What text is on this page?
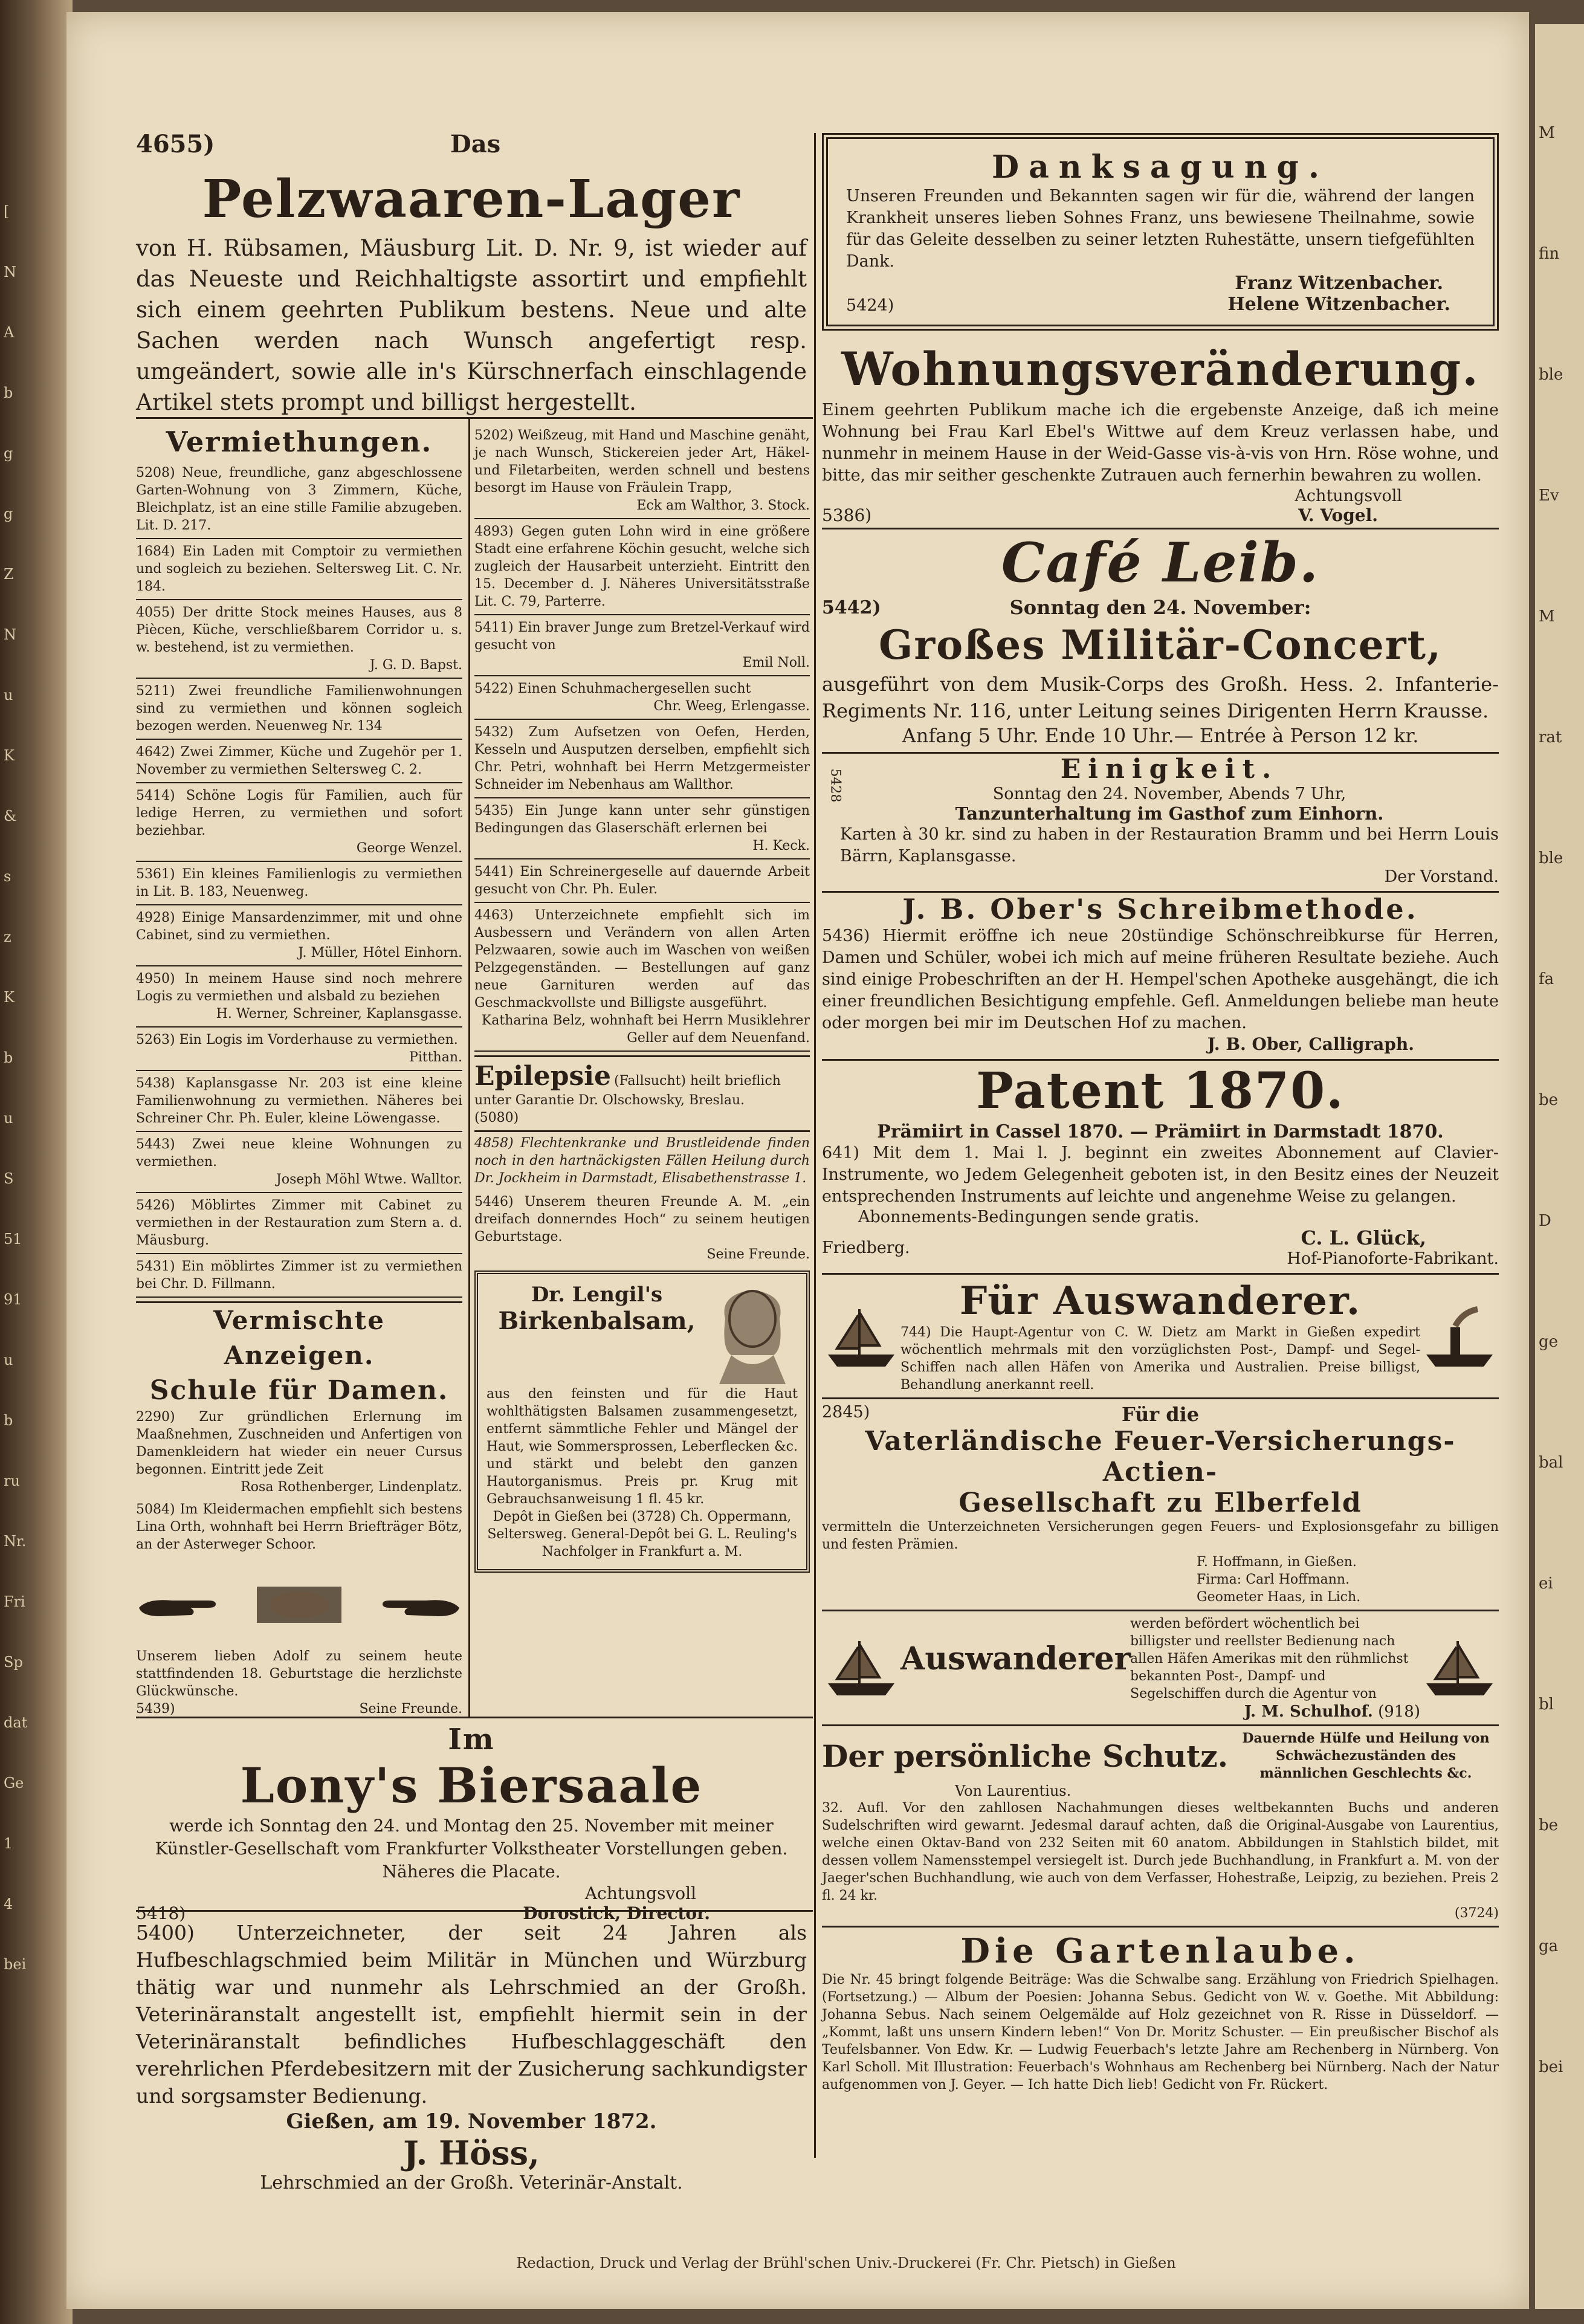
M
fin
ble
Ev
M
rat
ble
fa
be
D
ge
bal
ei
bl
be
ga
bei
4655)	Das
Pelzwaaren-Lager

von H. Rübsamen, Mäusburg Lit. D. Nr. 9, ist wieder auf das Neueste und Reichhaltigste assortirt und empfiehlt sich einem geehrten Publikum bestens. Neue und alte Sachen werden nach Wunsch angefertigt resp. umgeändert, sowie alle in's Kürschnerfach einschlagende Artikel stets prompt und billigst hergestellt.

Vermiethungen.

5208) Neue, freundliche, ganz abgeschlossene Garten-Wohnung von 3 Zimmern, Küche, Bleichplatz, ist an eine stille Familie abzugeben. Lit. D. 217.

1684) Ein Laden mit Comptoir zu vermiethen und sogleich zu beziehen. Seltersweg Lit. C. Nr. 184.

4055) Der dritte Stock meines Hauses, aus 8 Piècen, Küche, verschließbarem Corridor u. s. w. bestehend, ist zu vermiethen.

J. G. D. Bapst.

5211) Zwei freundliche Familienwohnungen sind zu vermiethen und können sogleich bezogen werden. Neuenweg Nr. 134

4642) Zwei Zimmer, Küche und Zugehör per 1. November zu vermiethen Selterswеg C. 2.

5414) Schöne Logis für Familien, auch für ledige Herren, zu vermiethen und sofort beziehbar.

George Wenzel.

5361) Ein kleines Familienlogis zu vermiethen in Lit. B. 183, Neuenweg.

4928) Einige Mansardenzimmer, mit und ohne Cabinet, sind zu vermiethen.

J. Müller, Hôtel Einhorn.

4950) In meinem Hause sind noch mehrere Logis zu vermiethen und alsbald zu beziehen

H. Werner, Schreiner, Kaplansgasse.

5263) Ein Logis im Vorderhause zu vermiethen.

Pitthan.

5438) Kaplansgasse Nr. 203 ist eine kleine Familienwohnung zu vermiethen. Näheres bei Schreiner Chr. Ph. Euler, kleine Löwengasse.

5443) Zwei neue kleine Wohnungen zu vermiethen.

Joseph Möhl Wtwe. Walltor.

5426) Möblirtes Zimmer mit Cabinet zu vermiethen in der Restauration zum Stern a. d. Mäusburg.

5431) Ein möblirtes Zimmer ist zu vermiethen bei Chr. D. Fillmann.

Vermischte Anzeigen.
Schule für Damen.

2290) Zur gründlichen Erlernung im Maaßnehmen, Zuschneiden und Anfertigen von Damenkleidern hat wieder ein neuer Cursus begonnen. Eintritt jede Zeit

Rosa Rothenberger, Lindenplatz.

5084) Im Kleidermachen empfiehlt sich bestens Lina Orth, wohnhaft bei Herrn Briefträger Bötz, an der Asterweger Schoor.

Unserem lieben Adolf zu seinem heute stattfindenden 18. Geburtstage die herzlichste Glückwünsche.

5439)	Seine Freunde.

5202) Weißzeug, mit Hand und Maschine genäht, je nach Wunsch, Stickereien jeder Art, Häkel- und Filetarbeiten, werden schnell und bestens besorgt im Hause von Fräulein Trapp,

Eck am Walthor, 3. Stock.

4893) Gegen guten Lohn wird in eine größere Stadt eine erfahrene Köchin gesucht, welche sich zugleich der Hausarbeit unterzieht. Eintritt den 15. December d. J. Näheres Universitätsstraße Lit. C. 79, Parterre.

5411) Ein braver Junge zum Bretzel-Verkauf wird gesucht von

Emil Noll.

5422) Einen Schuhmachergesellen sucht

Chr. Weeg, Erlengasse.

5432) Zum Aufsetzen von Oefen, Herden, Kesseln und Ausputzen derselben, empfiehlt sich Chr. Petri, wohnhaft bei Herrn Metzgermeister Schneider im Nebenhaus am Wallthor.

5435) Ein Junge kann unter sehr günstigen Bedingungen das Glaserschäft erlernen bei

H. Keck.

5441) Ein Schreinergeselle auf dauernde Arbeit gesucht von Chr. Ph. Euler.

4463) Unterzeichnete empfiehlt sich im Ausbessern und Verändern von allen Arten Pelzwaaren, sowie auch im Waschen von weißen Pelzgegenständen. — Bestellungen auf ganz neue Garnituren werden auf das Geschmackvollste und Billigste ausgeführt.

Katharina Belz, wohnhaft bei Herrn Musiklehrer Geller auf dem Neuenfand.

Epilepsie (Fallsucht) heilt brieflich unter Garantie Dr. Olschowsky, Breslau.
(5080)

4858) Flechtenkranke und Brustleidende finden noch in den hartnäckigsten Fällen Heilung durch Dr. Jockheim in Darmstadt, Elisabethenstrasse 1.

5446) Unserem theuren Freunde A. M. „ein dreifach donnerndes Hoch“ zu seinem heutigen Geburtstage.

Seine Freunde.

Dr. Lengil's
Birkenbalsam,

aus den feinsten und für die Haut wohlthätigsten Balsamen zusammengesetzt, entfernt sämmtliche Fehler und Mängel der Haut, wie Sommersprossen, Leberflecken &c. und stärkt und belebt den ganzen Hautorganismus. Preis pr. Krug mit Gebrauchsanweisung 1 fl. 45 kr.

Depôt in Gießen bei (3728) Ch. Oppermann, Seltersweg. General-Depôt bei G. L. Reuling's Nachfolger in Frankfurt a. M.

Im
Lony's Biersaale

werde ich Sonntag den 24. und Montag den 25. November mit meiner Künstler-Gesellschaft vom Frankfurter Volkstheater Vorstellungen geben. Näheres die Placate.

Achtungsvoll
5418)	Dorostick, Director.

5400) Unterzeichneter, der seit 24 Jahren als Hufbeschlagschmied beim Militär in München und Würzburg thätig war und nunmehr als Lehrschmied an der Großh. Veterinäranstalt angestellt ist, empfiehlt hiermit sein in der Veterinäranstalt befindliches Hufbeschlaggeschäft den verehrlichen Pferdebesitzern mit der Zusicherung sachkundigster und sorgsamster Bedienung.

Gießen, am 19. November 1872.
J. Höss,
Lehrschmied an der Großh. Veterinär-Anstalt.
Danksagung.

Unseren Freunden und Bekannten sagen wir für die, während der langen Krankheit unseres lieben Sohnes Franz, uns bewiesene Theilnahme, sowie für das Geleite desselben zu seiner letzten Ruhestätte, unsern tiefgefühlten Dank.

5424)
Franz Witzenbacher.
Helene Witzenbacher.
Wohnungsveränderung.

Einem geehrten Publikum mache ich die ergebenste Anzeige, daß ich meine Wohnung bei Frau Karl Ebel's Wittwe auf dem Kreuz verlassen habe, und nunmehr in meinem Hause in der Weid-Gasse vis-à-vis von Hrn. Röse wohne, und bitte, das mir seither geschenkte Zutrauen auch fernerhin bewahren zu wollen.

Achtungsvoll
5386)	V. Vogel.
Café Leib.
5442)	Sonntag den 24. November:
Großes Militär-Concert,

ausgeführt von dem Musik-Corps des Großh. Hess. 2. Infanterie-Regiments Nr. 116, unter Leitung seines Dirigenten Herrn Krausse.

Anfang 5 Uhr. Ende 10 Uhr.— Entrée à Person 12 kr.
5428	Einigkeit.
Sonntag den 24. November, Abends 7 Uhr,
Tanzunterhaltung im Gasthof zum Einhorn.

Karten à 30 kr. sind zu haben in der Restauration Bramm und bei Herrn Louis Bärrn, Kaplansgasse.

Der Vorstand.
J. B. Ober's Schreibmethode.

5436) Hiermit eröffne ich neue 20stündige Schönschreibkurse für Herren, Damen und Schüler, wobei ich mich auf meine früheren Resultate beziehe. Auch sind einige Probeschriften an der H. Hempel'schen Apotheke ausgehängt, die ich einer freundlichen Besichtigung empfehle. Gefl. Anmeldungen beliebe man heute oder morgen bei mir im Deutschen Hof zu machen.

J. B. Ober, Calligraph.
Patent 1870.
Prämiirt in Cassel 1870. — Prämiirt in Darmstadt 1870.

641) Mit dem 1. Mai l. J. beginnt ein zweites Abonnement auf Clavier-Instrumente, wo Jedem Gelegenheit geboten ist, in den Besitz eines der Neuzeit entsprechenden Instruments auf leichte und angenehme Weise zu gelangen.

Abonnements-Bedingungen sende gratis.
Friedberg.	C. L. Glück,
Hof-Pianoforte-Fabrikant.
Für Auswanderer.

744) Die Haupt-Agentur von C. W. Dietz am Markt in Gießen expedirt wöchentlich mehrmals mit den vorzüglichsten Post-, Dampf- und Segel-Schiffen nach allen Häfen von Amerika und Australien. Preise billigst, Behandlung anerkannt reell.

2845)	Für die
Vaterländische Feuer-Versicherungs-Actien-
Gesellschaft zu Elberfeld

vermitteln die Unterzeichneten Versicherungen gegen Feuers- und Explosionsgefahr zu billigen und festen Prämien.

F. Hoffmann, in Gießen.
Firma: Carl Hoffmann.
Geometer Haas, in Lich.
Auswanderer
werden befördert wöchentlich bei billigster und reellster Bedienung nach allen Häfen Amerikas mit den rühmlichst bekannten Post-, Dampf- und Segelschiffen durch die Agentur von
J. M. Schulhof. (918)
Der persönliche Schutz.	Dauernde Hülfe und Heilung von Schwächezuständen des männlichen Geschlechts &c.
Von Laurentius.

32. Aufl. Vor den zahllosen Nachahmungen dieses weltbekannten Buchs und anderen Sudelschriften wird gewarnt. Jedesmal darauf achten, daß die Original-Ausgabe von Laurentius, welche einen Oktav-Band von 232 Seiten mit 60 anatom. Abbildungen in Stahlstich bildet, mit dessen vollem Namensstempel versiegelt ist. Durch jede Buchhandlung, in Frankfurt a. M. von der Jaeger'schen Buchhandlung, wie auch von dem Verfasser, Hohestraße, Leipzig, zu beziehen. Preis 2 fl. 24 kr.

(3724)
Die Gartenlaube.

Die Nr. 45 bringt folgende Beiträge: Was die Schwalbe sang. Erzählung von Friedrich Spielhagen. (Fortsetzung.) — Album der Poesien: Johanna Sebus. Gedicht von W. v. Goethe. Mit Abbildung: Johanna Sebus. Nach seinem Oelgemälde auf Holz gezeichnet von R. Risse in Düsseldorf. — „Kommt, laßt uns unsern Kindern leben!“ Von Dr. Moritz Schuster. — Ein preußischer Bischof als Teufelsbanner. Von Edw. Kr. — Ludwig Feuerbach's letzte Jahre am Rechenberg in Nürnberg. Von Karl Scholl. Mit Illustration: Feuerbach's Wohnhaus am Rechenberg bei Nürnberg. Nach der Natur aufgenommen von J. Geyer. — Ich hatte Dich lieb! Gedicht von Fr. Rückert.

Redaction, Druck und Verlag der Brühl'schen Univ.-Druckerei (Fr. Chr. Pietsch) in Gießen
[
N
A
b
g
g
Z
N
u
K
&
s
z
K
b
u
S
51
91
u
b
ru
Nr.
Fri
Sp
dat
Ge
1
4
bei
